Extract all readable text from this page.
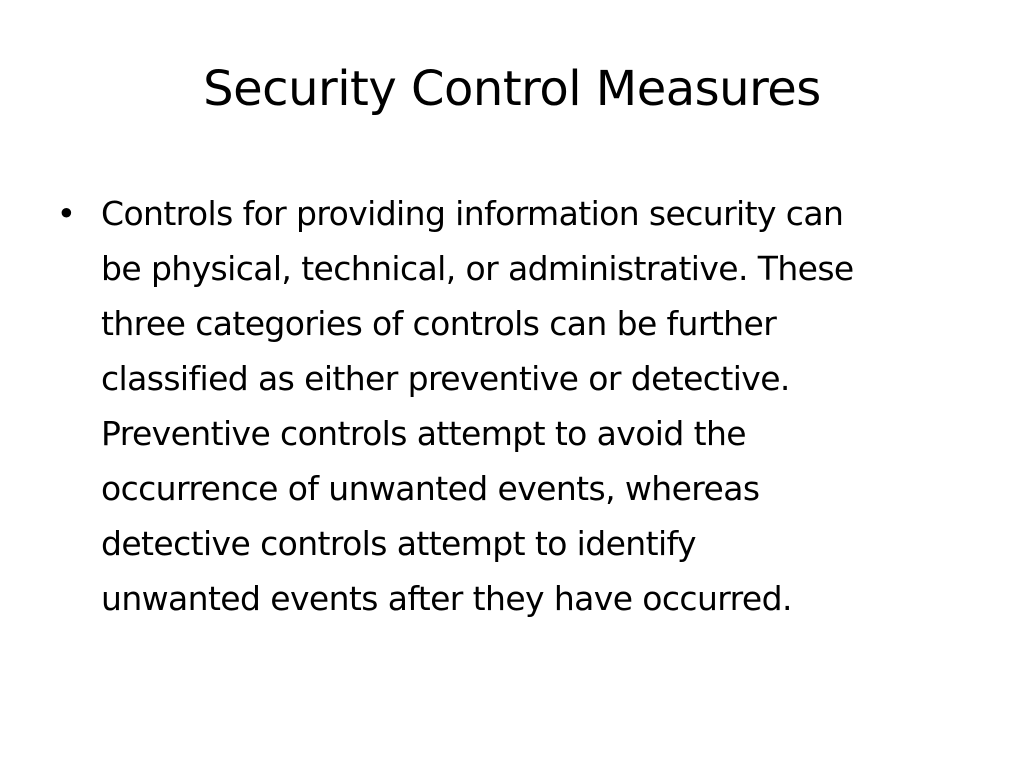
Security Control Measures
• Controls for providing information security can
be physical, technical, or administrative. These
three categories of controls can be further
classified as either preventive or detective.
Preventive controls attempt to avoid the
occurrence of unwanted events, whereas
detective controls attempt to identify
unwanted events after they have occurred.
